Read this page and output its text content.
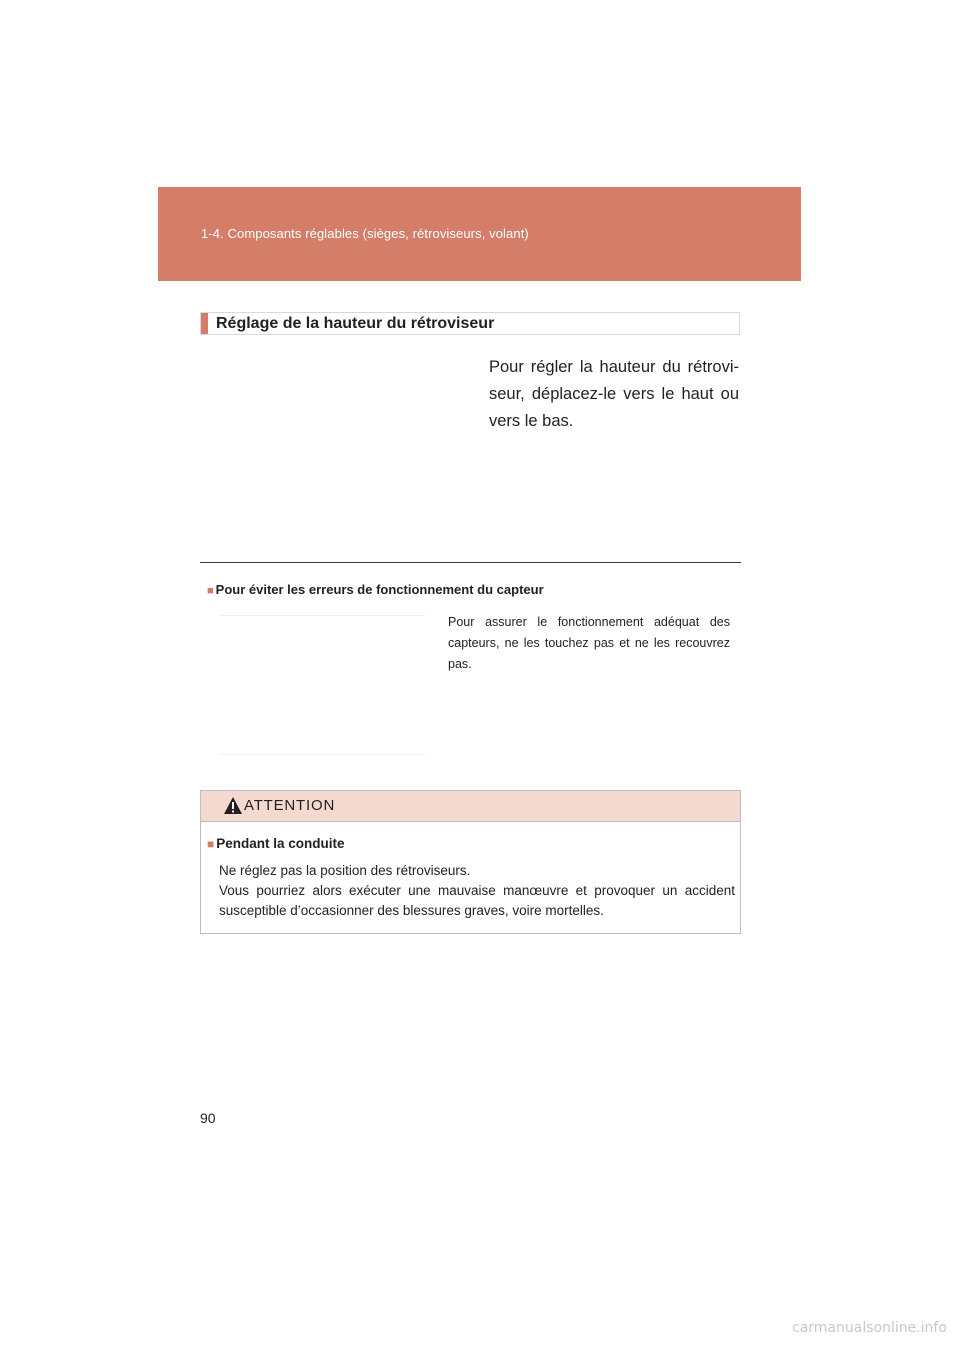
1-4. Composants réglables (sièges, rétroviseurs, volant)
Réglage de la hauteur du rétroviseur
Pour régler la hauteur du rétrovi- seur, déplacez-le vers le haut ou vers le bas.
■ Pour éviter les erreurs de fonctionnement du capteur
Pour assurer le fonctionnement adéquat des capteurs, ne les touchez pas et ne les recouvrez pas.
ATTENTION
■ Pendant la conduite
Ne réglez pas la position des rétroviseurs.
Vous pourriez alors exécuter une mauvaise manœuvre et provoquer un accident
susceptible d’occasionner des blessures graves, voire mortelles.
90
carmanualsonline.info
